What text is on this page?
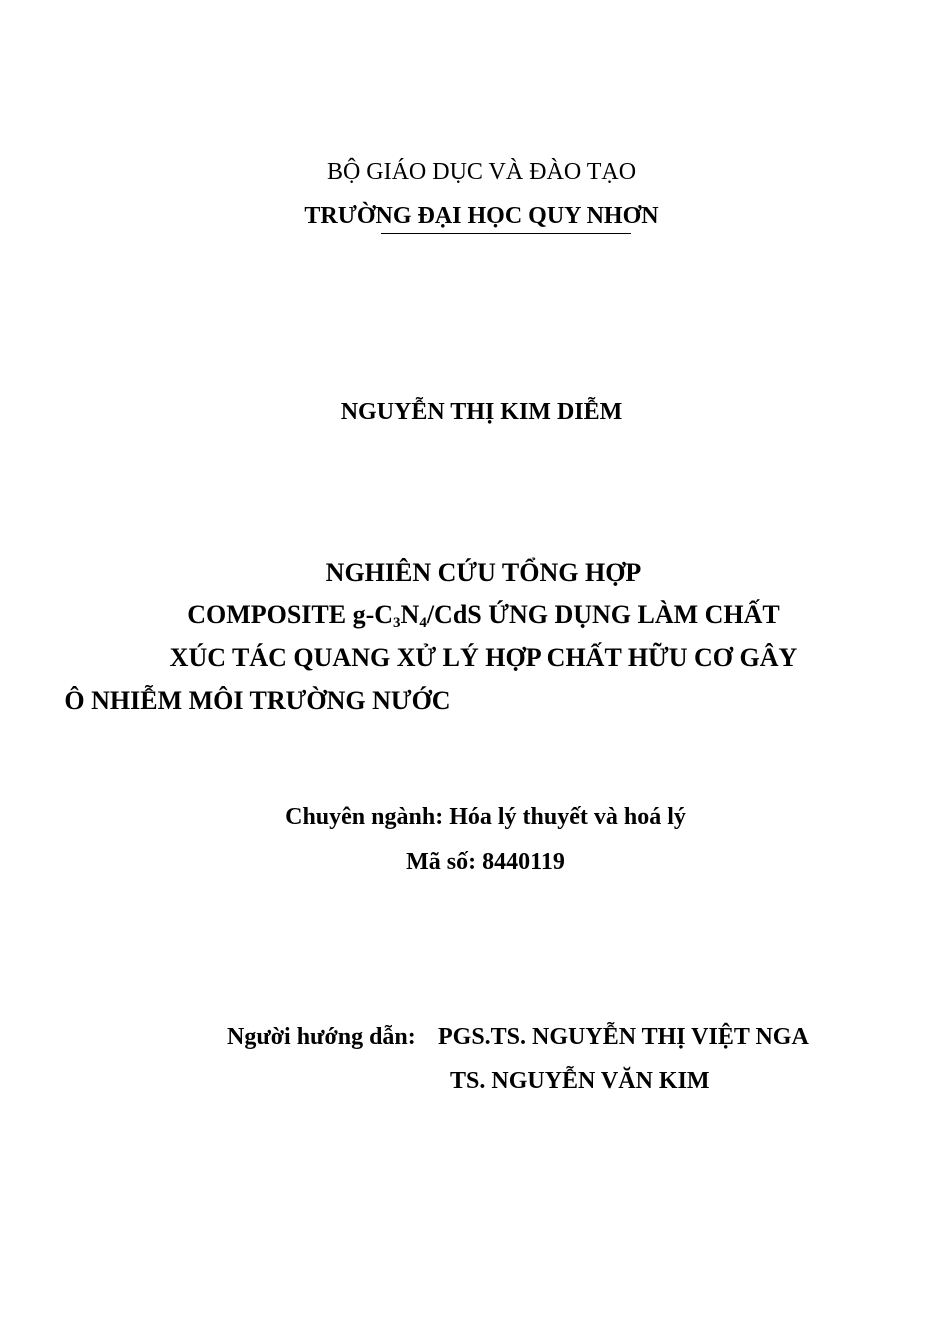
BỘ GIÁO DỤC VÀ ĐÀO TẠO
TRƯỜNG ĐẠI HỌC QUY NHƠN
NGUYỄN THỊ KIM DIỄM
NGHIÊN CỨU TỔNG HỢP
COMPOSITE $g-C_3N_4$/CdS ỨNG DỤNG LÀM CHẤT
XÚC TÁC QUANG XỬ LÝ HỢP CHẤT HỮU CƠ GÂY
Ô NHIỄM MÔI TRƯỜNG NƯỚC
Chuyên ngành: Hóa lý thuyết và hoá lý
Mã số: 8440119
Người hướng dẫn: PGS.TS. NGUYỄN THỊ VIỆT NGA
TS. NGUYỄN VĂN KIM
